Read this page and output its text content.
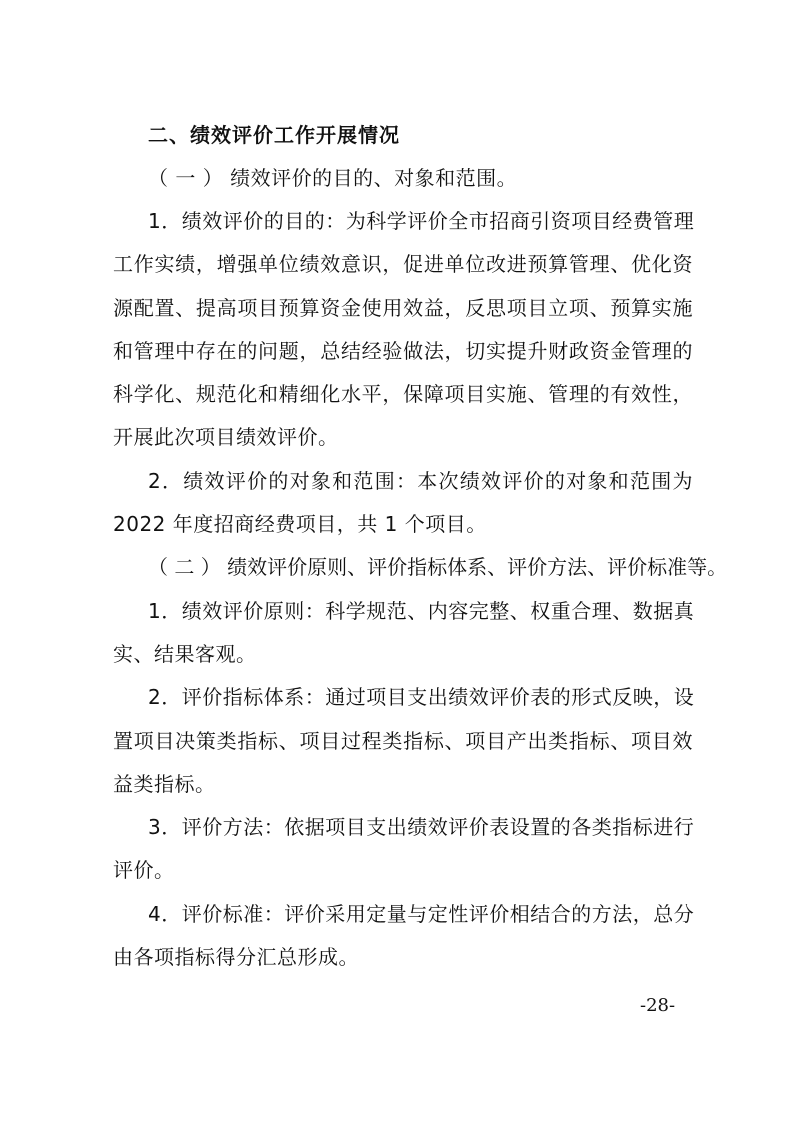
二、绩效评价工作开展情况
（ 一 ） 绩效评价的目的、对象和范围。
1．绩效评价的目的：为科学评价全市招商引资项目经费管理
工作实绩，增强单位绩效意识，促进单位改进预算管理、优化资
源配置、提高项目预算资金使用效益，反思项目立项、预算实施
和管理中存在的问题，总结经验做法，切实提升财政资金管理的
科学化、规范化和精细化水平，保障项目实施、管理的有效性，
开展此次项目绩效评价。
2．绩效评价的对象和范围：本次绩效评价的对象和范围为
2022 年度招商经费项目，共 1 个项目。
（ 二 ） 绩效评价原则、评价指标体系、评价方法、评价标准等。
1．绩效评价原则：科学规范、内容完整、权重合理、数据真
实、结果客观。
2．评价指标体系：通过项目支出绩效评价表的形式反映，设
置项目决策类指标、项目过程类指标、项目产出类指标、项目效
益类指标。
3．评价方法：依据项目支出绩效评价表设置的各类指标进行
评价。
4．评价标准：评价采用定量与定性评价相结合的方法，总分
由各项指标得分汇总形成。
-28-
